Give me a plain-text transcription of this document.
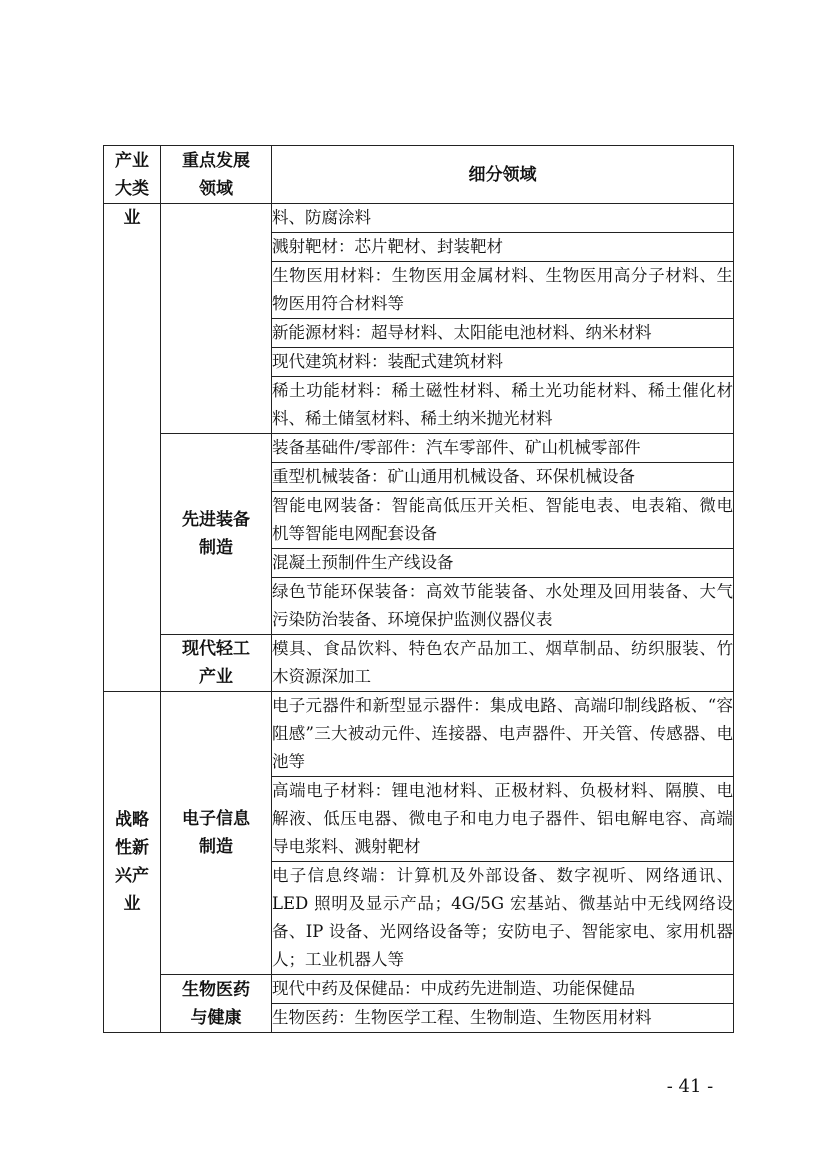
产业大类	重点发展领域	细分领域
业		料、防腐涂料
		溅射靶材：芯片靶材、封装靶材
		生物医用材料：生物医用金属材料、生物医用高分子材料、生物医用符合材料等
		新能源材料：超导材料、太阳能电池材料、纳米材料
		现代建筑材料：装配式建筑材料
		稀土功能材料：稀土磁性材料、稀土光功能材料、稀土催化材料、稀土储氢材料、稀土纳米抛光材料
	先进装备制造	装备基础件/零部件：汽车零部件、矿山机械零部件
		重型机械装备：矿山通用机械设备、环保机械设备
		智能电网装备：智能高低压开关柜、智能电表、电表箱、微电机等智能电网配套设备
		混凝土预制件生产线设备
		绿色节能环保装备：高效节能装备、水处理及回用装备、大气污染防治装备、环境保护监测仪器仪表
	现代轻工产业	模具、食品饮料、特色农产品加工、烟草制品、纺织服装、竹木资源深加工
战略性新兴产业	电子信息制造	电子元器件和新型显示器件：集成电路、高端印制线路板、“容阻感”三大被动元件、连接器、电声器件、开关管、传感器、电池等
		高端电子材料：锂电池材料、正极材料、负极材料、隔膜、电解液、低压电器、微电子和电力电子器件、铝电解电容、高端导电浆料、溅射靶材
		电子信息终端：计算机及外部设备、数字视听、网络通讯、LED 照明及显示产品；4G/5G 宏基站、微基站中无线网络设备、IP 设备、光网络设备等；安防电子、智能家电、家用机器人；工业机器人等
	生物医药与健康	现代中药及保健品：中成药先进制造、功能保健品
		生物医药：生物医学工程、生物制造、生物医用材料
- 41 -
